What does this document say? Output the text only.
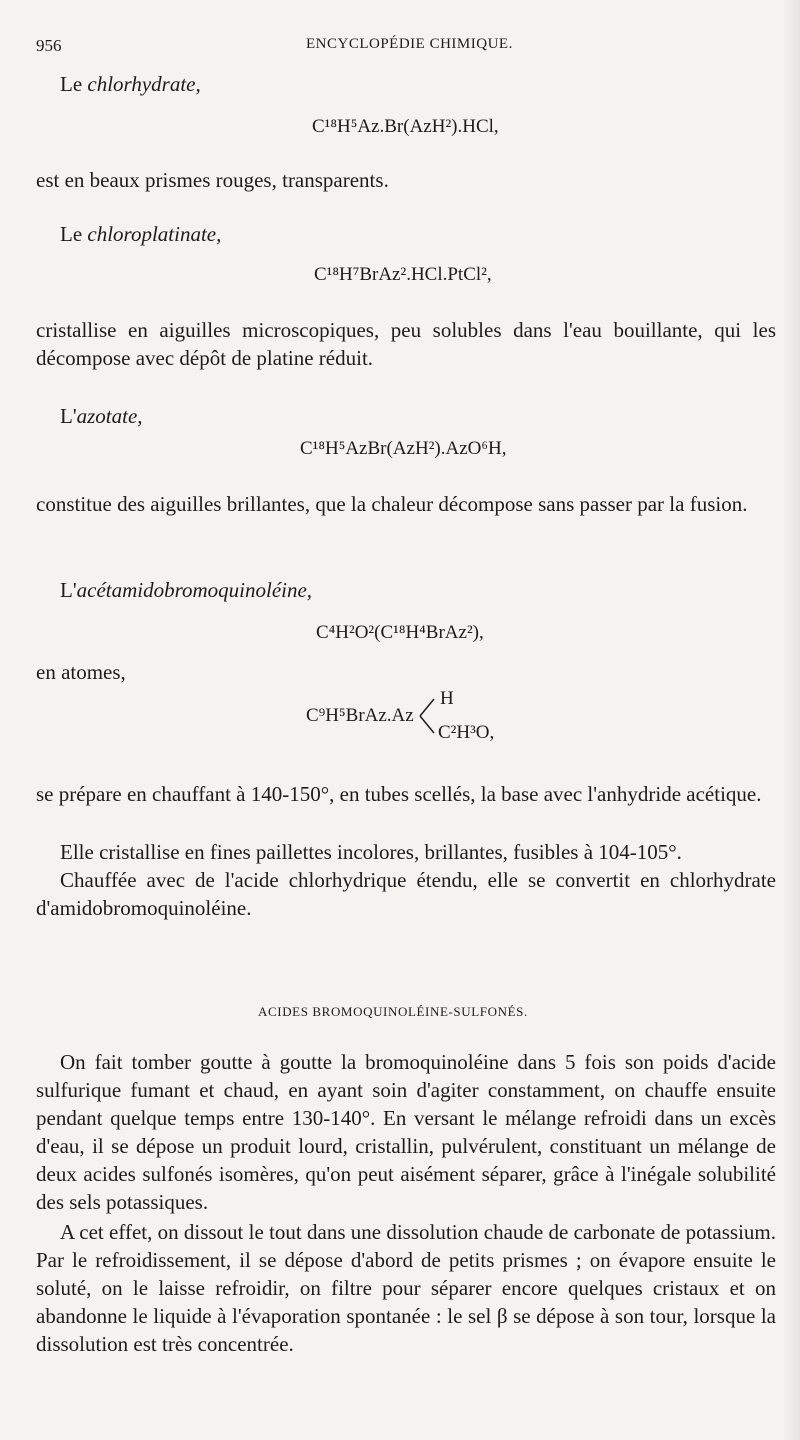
956	ENCYCLOPÉDIE CHIMIQUE.
Le chlorhydrate,
C¹⁸H⁵Az.Br(AzH²).HCl,
est en beaux prismes rouges, transparents.
Le chloroplatinate,
C¹⁸H⁷BrAz².HCl.PtCl²,
cristallise en aiguilles microscopiques, peu solubles dans l'eau bouillante, qui les décompose avec dépôt de platine réduit.
L'azotate,
C¹⁸H⁵AzBr(AzH²).AzO⁶H,
constitue des aiguilles brillantes, que la chaleur décompose sans passer par la fusion.
L'acétamidobromoquinoléine,
C⁴H²O²(C¹⁸H⁴BrAz²),
en atomes,
C⁹H⁵BrAz.Az
H
C²H³O,
se prépare en chauffant à 140-150°, en tubes scellés, la base avec l'anhydride acétique.
Elle cristallise en fines paillettes incolores, brillantes, fusibles à 104-105°.
Chauffée avec de l'acide chlorhydrique étendu, elle se convertit en chlorhydrate d'amidobromoquinoléine.
ACIDES BROMOQUINOLÉINE-SULFONÉS.
On fait tomber goutte à goutte la bromoquinoléine dans 5 fois son poids d'acide sulfurique fumant et chaud, en ayant soin d'agiter constamment, on chauffe ensuite pendant quelque temps entre 130-140°. En versant le mélange refroidi dans un excès d'eau, il se dépose un produit lourd, cristallin, pulvérulent, constituant un mélange de deux acides sulfonés isomères, qu'on peut aisément séparer, grâce à l'inégale solubilité des sels potassiques.
A cet effet, on dissout le tout dans une dissolution chaude de carbonate de potassium. Par le refroidissement, il se dépose d'abord de petits prismes ; on évapore ensuite le soluté, on le laisse refroidir, on filtre pour séparer encore quelques cristaux et on abandonne le liquide à l'évaporation spontanée : le sel β se dépose à son tour, lorsque la dissolution est très concentrée.
